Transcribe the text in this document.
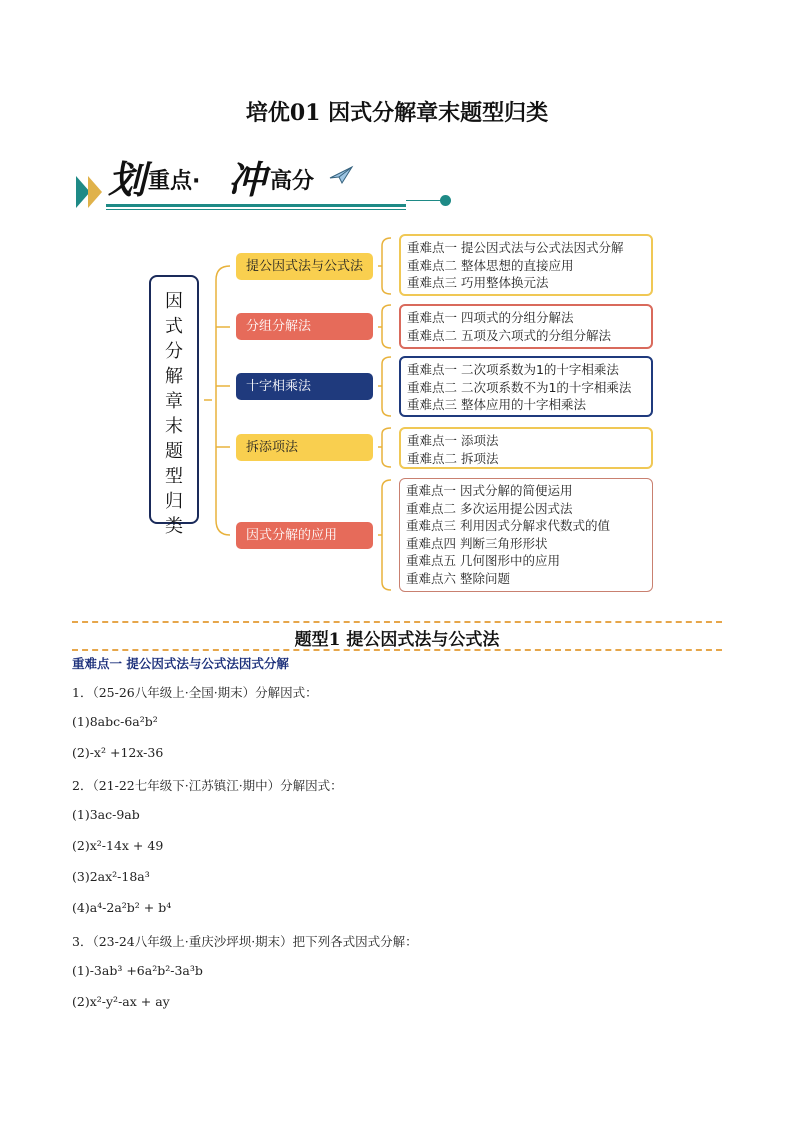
培优01 因式分解章末题型归类
划 重点· 冲 高分
因
式
分
解
章
末
题
型
归
类
提公因式法与公式法
分组分解法
十字相乘法
拆添项法
因式分解的应用
重难点一 提公因式法与公式法因式分解
重难点二 整体思想的直接应用
重难点三 巧用整体换元法
重难点一 四项式的分组分解法
重难点二 五项及六项式的分组分解法
重难点一 二次项系数为1的十字相乘法
重难点二 二次项系数不为1的十字相乘法
重难点三 整体应用的十字相乘法
重难点一 添项法
重难点二 拆项法
重难点一 因式分解的简便运用
重难点二 多次运用提公因式法
重难点三 利用因式分解求代数式的值
重难点四 判断三角形形状
重难点五 几何图形中的应用
重难点六 整除问题
题型1 提公因式法与公式法
重难点一 提公因式法与公式法因式分解
1．（25-26八年级上·全国·期末）分解因式：
(1)8abc-6a²b²
(2)-x² +12x-36
2．（21-22七年级下·江苏镇江·期中）分解因式：
(1)3ac-9ab
(2)x²-14x + 49
(3)2ax²-18a³
(4)a⁴-2a²b² + b⁴
3．（23-24八年级上·重庆沙坪坝·期末）把下列各式因式分解：
(1)-3ab³ +6a²b²-3a³b
(2)x²-y²-ax + ay
